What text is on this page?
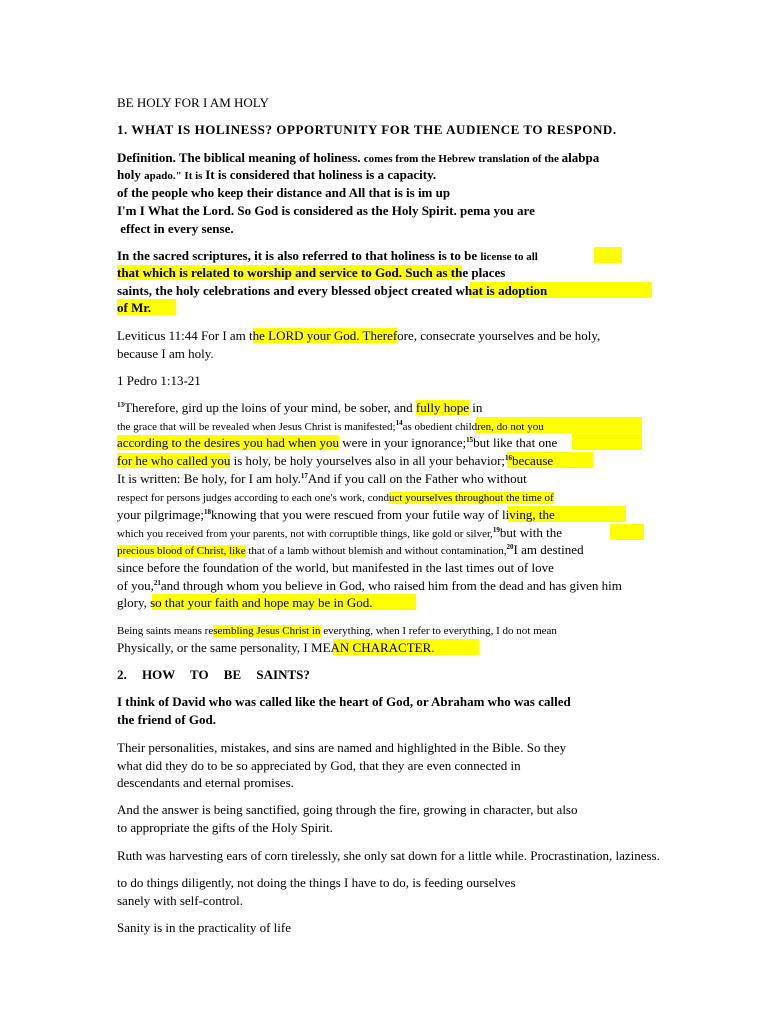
BE HOLY FOR I AM HOLY
1. WHAT IS HOLINESS? OPPORTUNITY FOR THE AUDIENCE TO RESPOND.
Definition. The biblical meaning of holiness. comes from the Hebrew translation of the alabpa
holy apado." It is It is considered that holiness is a capacity.
of the people who keep their distance and All that is is im up
I'm I What the Lord. So God is considered as the Holy Spirit. pema you are
effect in every sense.
In the sacred scriptures, it is also referred to that holiness is to be license to all
that which is related to worship and service to God. Such as the places
saints, the holy celebrations and every blessed object created what is adoption
of Mr.
Leviticus 11:44 For I am the LORD your God. Therefore, consecrate yourselves and be holy,
because I am holy.
1 Pedro 1:13-21
$^{13}$Therefore, gird up the loins of your mind, be sober, and fully hope in
the grace that will be revealed when Jesus Christ is manifested;$^{14}$as obedient children, do not you
according to the desires you had when you were in your ignorance;$^{15}$but like that one
for he who called you is holy, be holy yourselves also in all your behavior;$^{16}$because
It is written: Be holy, for I am holy.$^{17}$And if you call on the Father who without
respect for persons judges according to each one's work, conduct yourselves throughout the time of
your pilgrimage;$^{18}$knowing that you were rescued from your futile way of living, the
which you received from your parents, not with corruptible things, like gold or silver,$^{19}$but with the
precious blood of Christ, like that of a lamb without blemish and without contamination,$^{20}$I am destined
since before the foundation of the world, but manifested in the last times out of love
of you,$^{21}$and through whom you believe in God, who raised him from the dead and has given him
glory, so that your faith and hope may be in God.
Being saints means resembling Jesus Christ in everything, when I refer to everything, I do not mean
Physically, or the same personality, I MEAN CHARACTER.
2. HOW TO BE SAINTS?
I think of David who was called like the heart of God, or Abraham who was called
the friend of God.
Their personalities, mistakes, and sins are named and highlighted in the Bible. So they
what did they do to be so appreciated by God, that they are even connected in
descendants and eternal promises.
And the answer is being sanctified, going through the fire, growing in character, but also
to appropriate the gifts of the Holy Spirit.
Ruth was harvesting ears of corn tirelessly, she only sat down for a little while. Procrastination, laziness.
to do things diligently, not doing the things I have to do, is feeding ourselves
sanely with self-control.
Sanity is in the practicality of life
